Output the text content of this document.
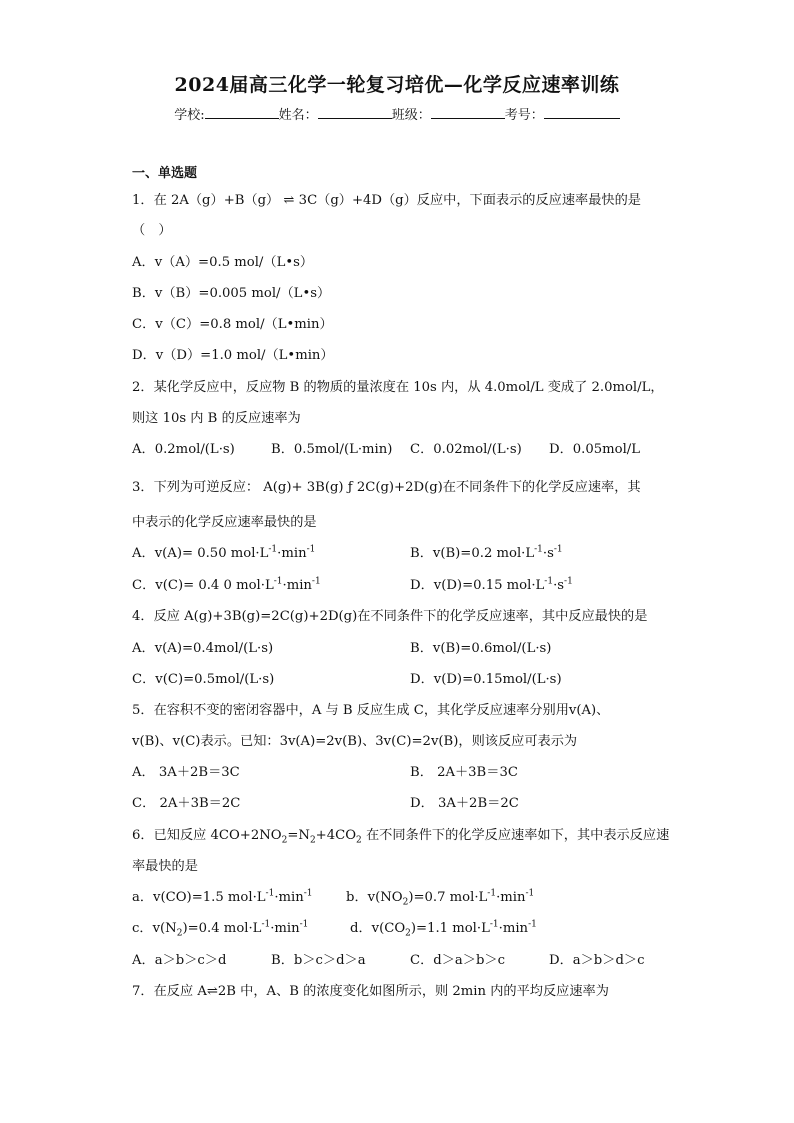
2024届高三化学一轮复习培优—化学反应速率训练
学校:	姓名：	班级：	考号：
一、单选题
1．在 2A（g）+B（g） ⇌ 3C（g）+4D（g）反应中，下面表示的反应速率最快的是
（　）
A．v（A）=0.5 mol/（L•s）
B．v（B）=0.005 mol/（L•s）
C．v（C）=0.8 mol/（L•min）
D．v（D）=1.0 mol/（L•min）
2．某化学反应中，反应物 B 的物质的量浓度在 10s 内，从 4.0mol/L 变成了 2.0mol/L，
则这 10s 内 B 的反应速率为
A．0.2mol/(L·s)	B．0.5mol/(L·min) C．0.02mol/(L·s) D．0.05mol/L
3．下列为可逆反应： A(g)+ 3B(g) ƒ 2C(g)+2D(g)在不同条件下的化学反应速率，其
中表示的化学反应速率最快的是
A．v(A)= 0.50 $mol\cdot L^{-1}\cdot\min^{-1}$	B．v(B)=0.2 $mol\cdot L^{-1}\cdot s^{-1}$
C．v(C)= 0.4 0 $mol\cdot L^{-1}\cdot\min^{-1}$	D．v(D)=0.15 $mol\cdot L^{-1}\cdot s^{-1}$
4．反应 A(g)+3B(g)=2C(g)+2D(g)在不同条件下的化学反应速率，其中反应最快的是
A．v(A)=0.4mol/(L·s)	B．v(B)=0.6mol/(L·s)
C．v(C)=0.5mol/(L·s)	D．v(D)=0.15mol/(L·s)
5．在容积不变的密闭容器中，A 与 B 反应生成 C，其化学反应速率分别用v(A)、
v(B)、v(C)表示。已知：3v(A)=2v(B)、3v(C)=2v(B)，则该反应可表示为
A． 3A＋2B＝3C	B． 2A＋3B＝3C
C． 2A＋3B＝2C	D． 3A＋2B＝2C
6．已知反应 $4CO+2NO_2=N_2+4CO_2$ 在不同条件下的化学反应速率如下，其中表示反应速
率最快的是
a．v(CO)=1.5 $mol\cdot L^{-1}\cdot\min^{-1}$	b．$v(NO_2)=0.7$ $mol\cdot L^{-1}\cdot\min^{-1}$
c．$v(N_2)=0.4$ $mol\cdot L^{-1}\cdot\min^{-1}$	d．$v(CO_2)=1.1$ $mol\cdot L^{-1}\cdot\min^{-1}$
A．a＞b＞c＞d	B．b＞c＞d＞a	C．d＞a＞b＞c	D．a＞b＞d＞c
7．在反应 A⇌2B 中，A、B 的浓度变化如图所示，则 2min 内的平均反应速率为
